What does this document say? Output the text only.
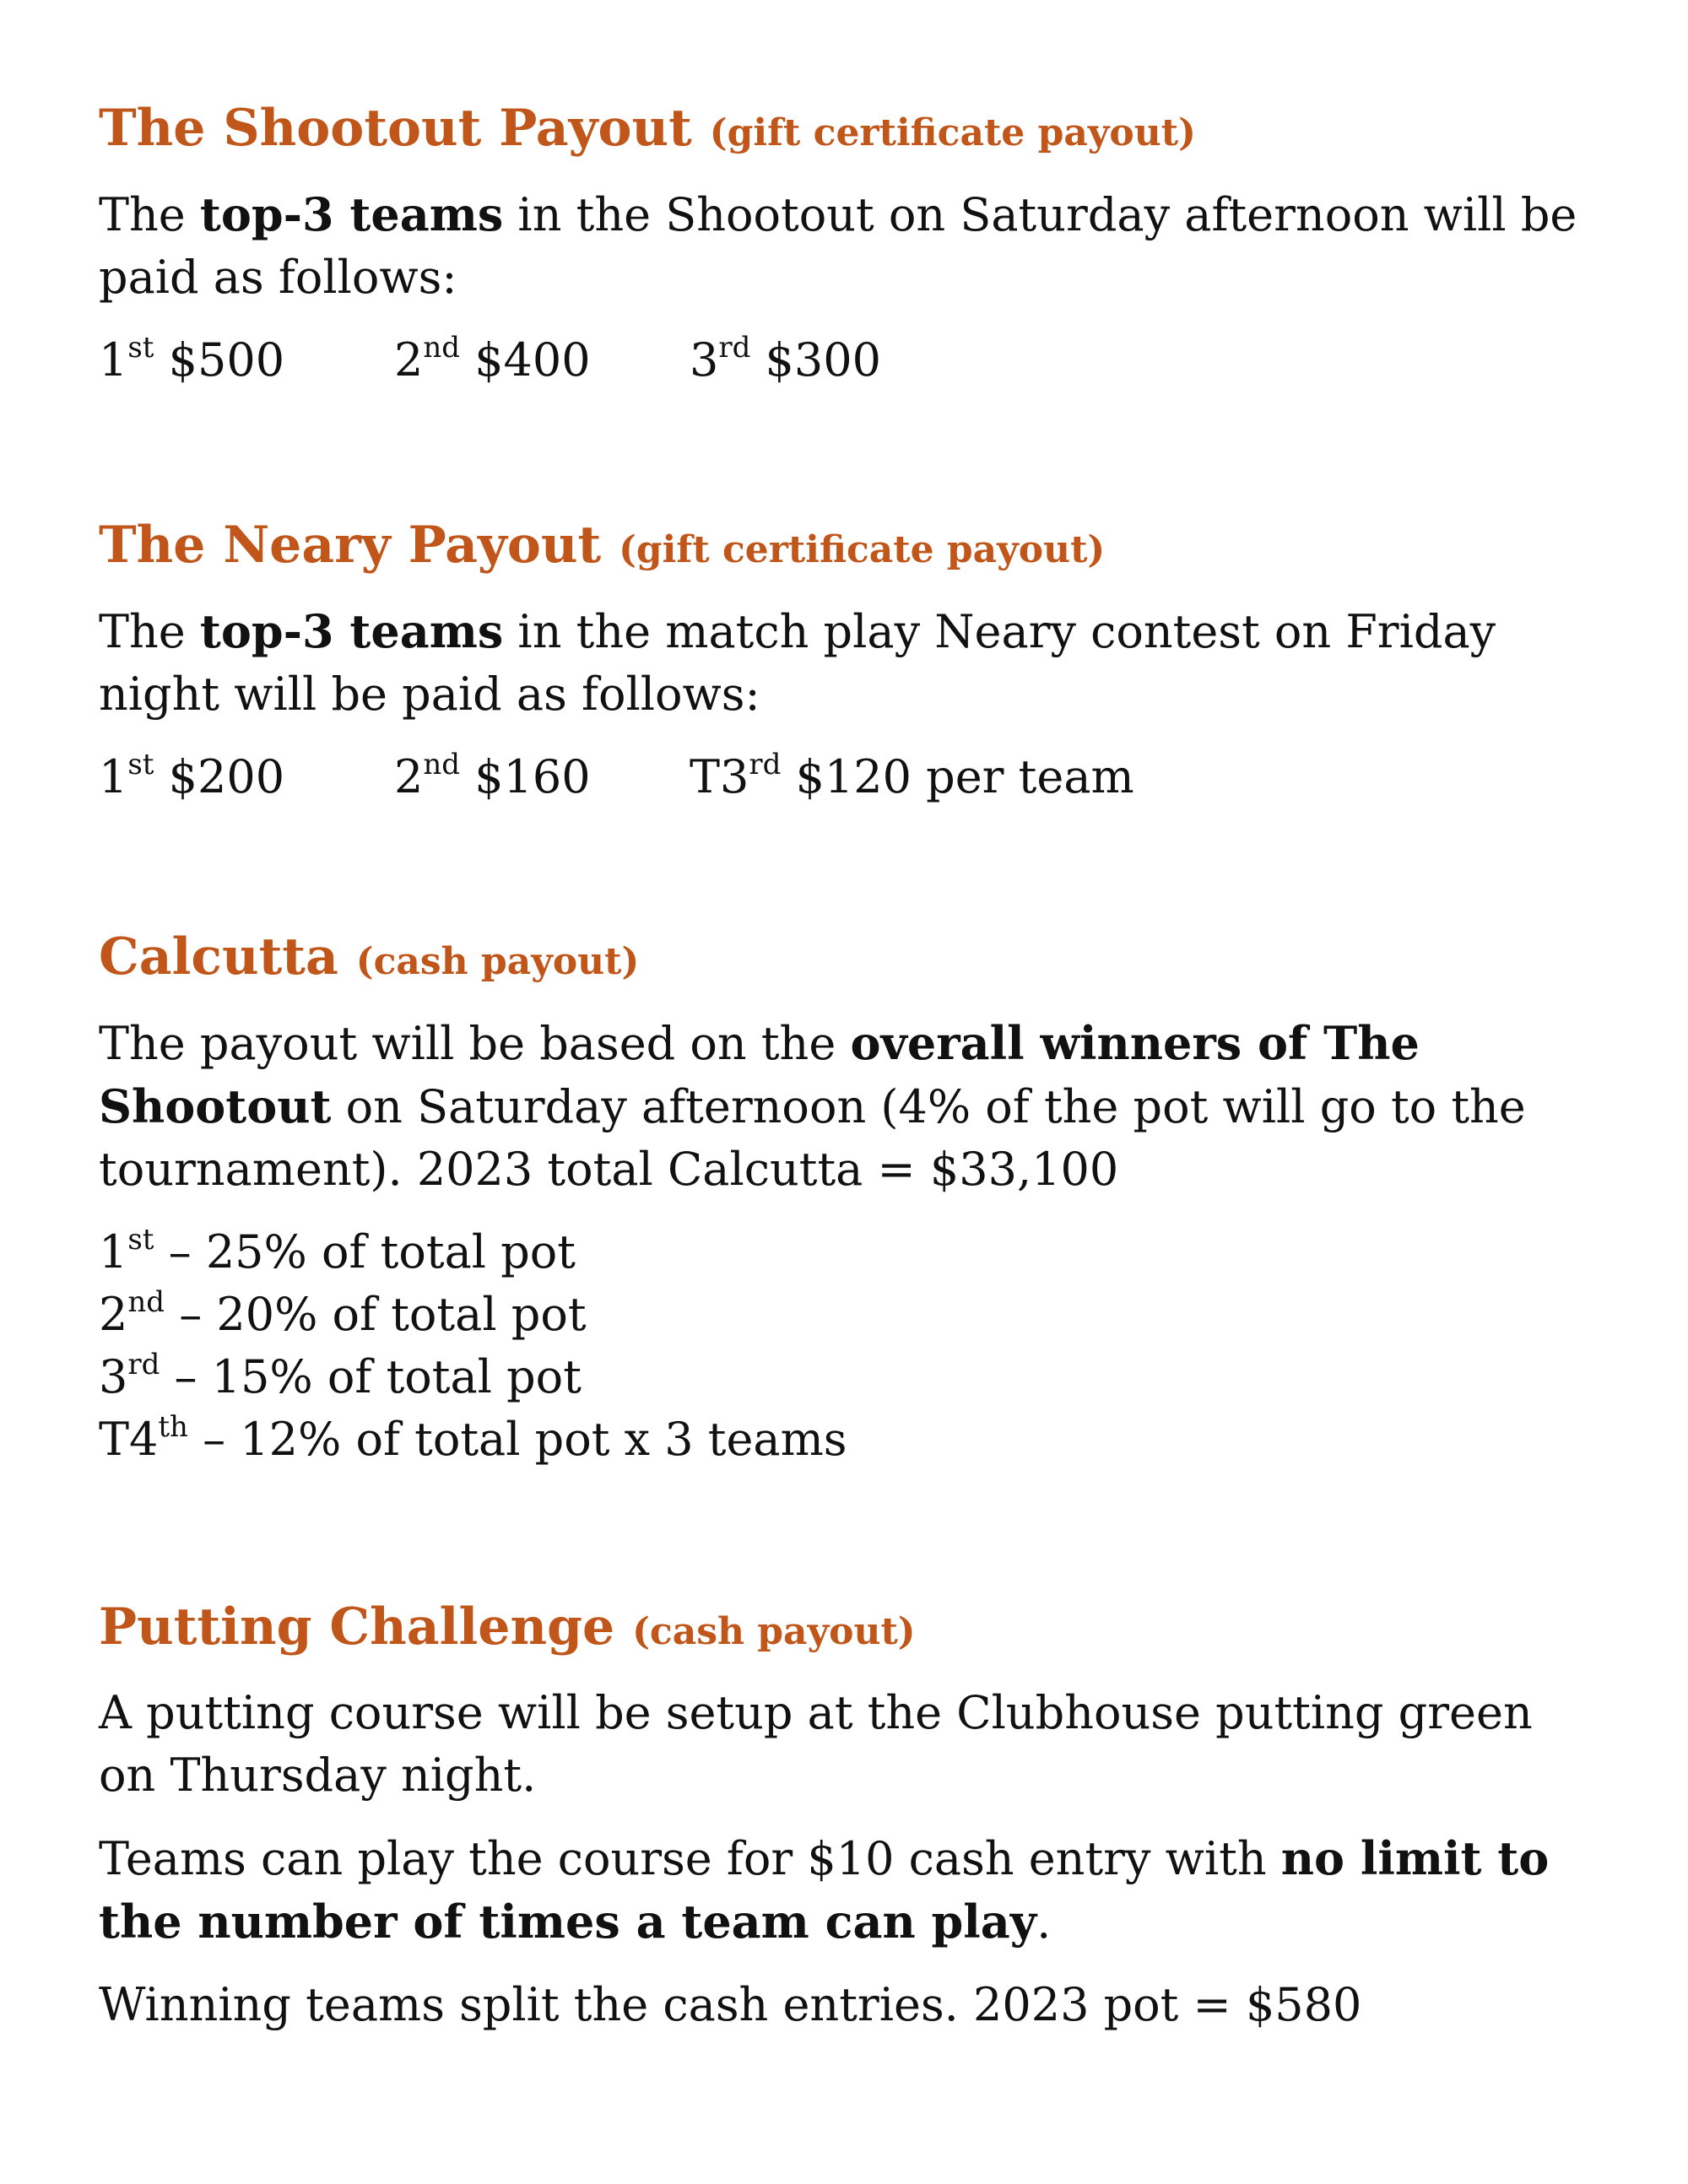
The Shootout Payout (gift certificate payout)

The top-3 teams in the Shootout on Saturday afternoon will be paid as follows:

1st $500 2nd $400 3rd $300
The Neary Payout (gift certificate payout)

The top-3 teams in the match play Neary contest on Friday night will be paid as follows:

1st $200 2nd $160 T3rd $120 per team
Calcutta (cash payout)

The payout will be based on the overall winners of The Shootout on Saturday afternoon (4% of the pot will go to the tournament). 2023 total Calcutta = $33,100

1st – 25% of total pot
2nd – 20% of total pot
3rd – 15% of total pot
T4th – 12% of total pot x 3 teams
Putting Challenge (cash payout)

A putting course will be setup at the Clubhouse putting green on Thursday night.

Teams can play the course for $10 cash entry with no limit to the number of times a team can play.

Winning teams split the cash entries. 2023 pot = $580
